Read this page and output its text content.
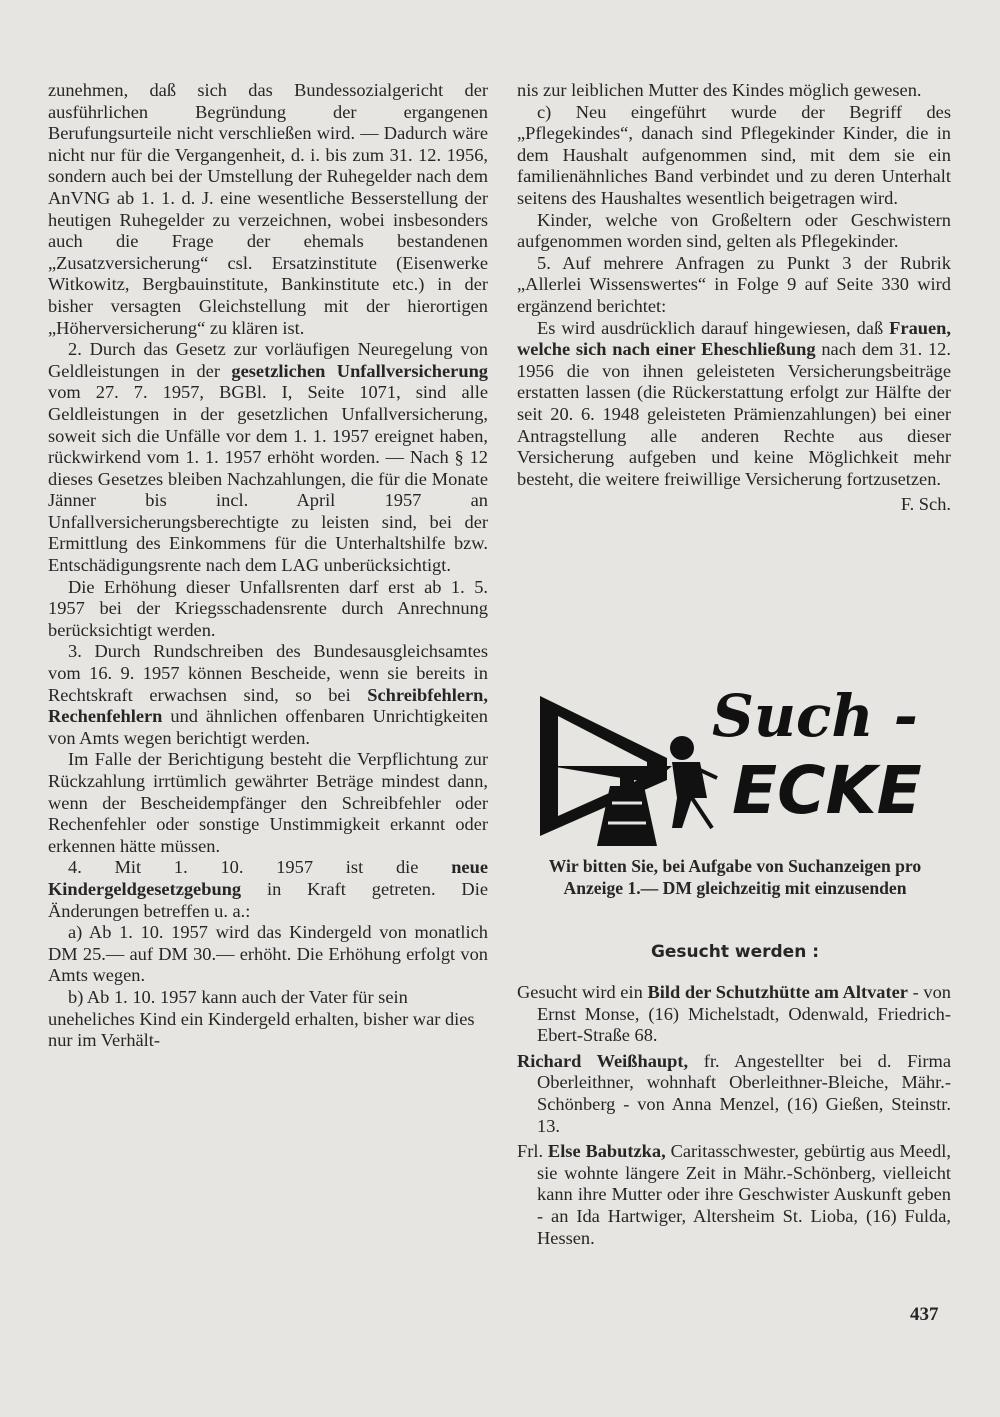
zunehmen, daß sich das Bundessozialgericht der ausführlichen Begründung der ergangenen Berufungsurteile nicht verschließen wird. — Dadurch wäre nicht nur für die Vergangenheit, d. i. bis zum 31. 12. 1956, sondern auch bei der Umstellung der Ruhegelder nach dem AnVNG ab 1. 1. d. J. eine wesentliche Besserstellung der heutigen Ruhegelder zu verzeichnen, wobei insbesonders auch die Frage der ehemals bestandenen „Zusatzversicherung“ csl. Ersatzinstitute (Eisenwerke Witkowitz, Bergbauinstitute, Bankinstitute etc.) in der bisher versagten Gleichstellung mit der hierortigen „Höherversicherung“ zu klären ist.

2. Durch das Gesetz zur vorläufigen Neuregelung von Geldleistungen in der gesetzlichen Unfallversicherung vom 27. 7. 1957, BGBl. I, Seite 1071, sind alle Geldleistungen in der gesetzlichen Unfallversicherung, soweit sich die Unfälle vor dem 1. 1. 1957 ereignet haben, rückwirkend vom 1. 1. 1957 erhöht worden. — Nach § 12 dieses Gesetzes bleiben Nachzahlungen, die für die Monate Jänner bis incl. April 1957 an Unfallversicherungsberechtigte zu leisten sind, bei der Ermittlung des Einkommens für die Unterhaltshilfe bzw. Entschädigungsrente nach dem LAG unberücksichtigt.

Die Erhöhung dieser Unfallsrenten darf erst ab 1. 5. 1957 bei der Kriegsschadensrente durch Anrechnung berücksichtigt werden.

3. Durch Rundschreiben des Bundesausgleichsamtes vom 16. 9. 1957 können Bescheide, wenn sie bereits in Rechtskraft erwachsen sind, so bei Schreibfehlern, Rechenfehlern und ähnlichen offenbaren Unrichtigkeiten von Amts wegen berichtigt werden.

Im Falle der Berichtigung besteht die Verpflichtung zur Rückzahlung irrtümlich gewährter Beträge mindest dann, wenn der Bescheidempfänger den Schreibfehler oder Rechenfehler oder sonstige Unstimmigkeit erkannt oder erkennen hätte müssen.

4. Mit 1. 10. 1957 ist die neue Kindergeldgesetzgebung in Kraft getreten. Die Änderungen betreffen u. a.:

a) Ab 1. 10. 1957 wird das Kindergeld von monatlich DM 25.— auf DM 30.— erhöht. Die Erhöhung erfolgt von Amts wegen.

b) Ab 1. 10. 1957 kann auch der Vater für sein uneheliches Kind ein Kindergeld erhalten, bisher war dies nur im Verhält-

nis zur leiblichen Mutter des Kindes möglich gewesen.

c) Neu eingeführt wurde der Begriff des „Pflegekindes“, danach sind Pflegekinder Kinder, die in dem Haushalt aufgenommen sind, mit dem sie ein familienähnliches Band verbindet und zu deren Unterhalt seitens des Haushaltes wesentlich beigetragen wird.

Kinder, welche von Großeltern oder Geschwistern aufgenommen worden sind, gelten als Pflegekinder.

5. Auf mehrere Anfragen zu Punkt 3 der Rubrik „Allerlei Wissenswertes“ in Folge 9 auf Seite 330 wird ergänzend berichtet:

Es wird ausdrücklich darauf hingewiesen, daß Frauen, welche sich nach einer Eheschließung nach dem 31. 12. 1956 die von ihnen geleisteten Versicherungsbeiträge erstatten lassen (die Rückerstattung erfolgt zur Hälfte der seit 20. 6. 1948 geleisteten Prämienzahlungen) bei einer Antragstellung alle anderen Rechte aus dieser Versicherung aufgeben und keine Möglichkeit mehr besteht, die weitere freiwillige Versicherung fortzusetzen.

F. Sch.

Such -
ECKE
Wir bitten Sie, bei Aufgabe von Suchanzeigen pro Anzeige 1.— DM gleichzeitig mit einzusenden
Gesucht werden :

Gesucht wird ein Bild der Schutzhütte am Altvater - von Ernst Monse, (16) Michelstadt, Odenwald, Friedrich-Ebert-Straße 68.

Richard Weißhaupt, fr. Angestellter bei d. Firma Oberleithner, wohnhaft Oberleithner-Bleiche, Mähr.-Schönberg - von Anna Menzel, (16) Gießen, Steinstr. 13.

Frl. Else Babutzka, Caritasschwester, gebürtig aus Meedl, sie wohnte längere Zeit in Mähr.-Schönberg, vielleicht kann ihre Mutter oder ihre Geschwister Auskunft geben - an Ida Hartwiger, Altersheim St. Lioba, (16) Fulda, Hessen.

437
